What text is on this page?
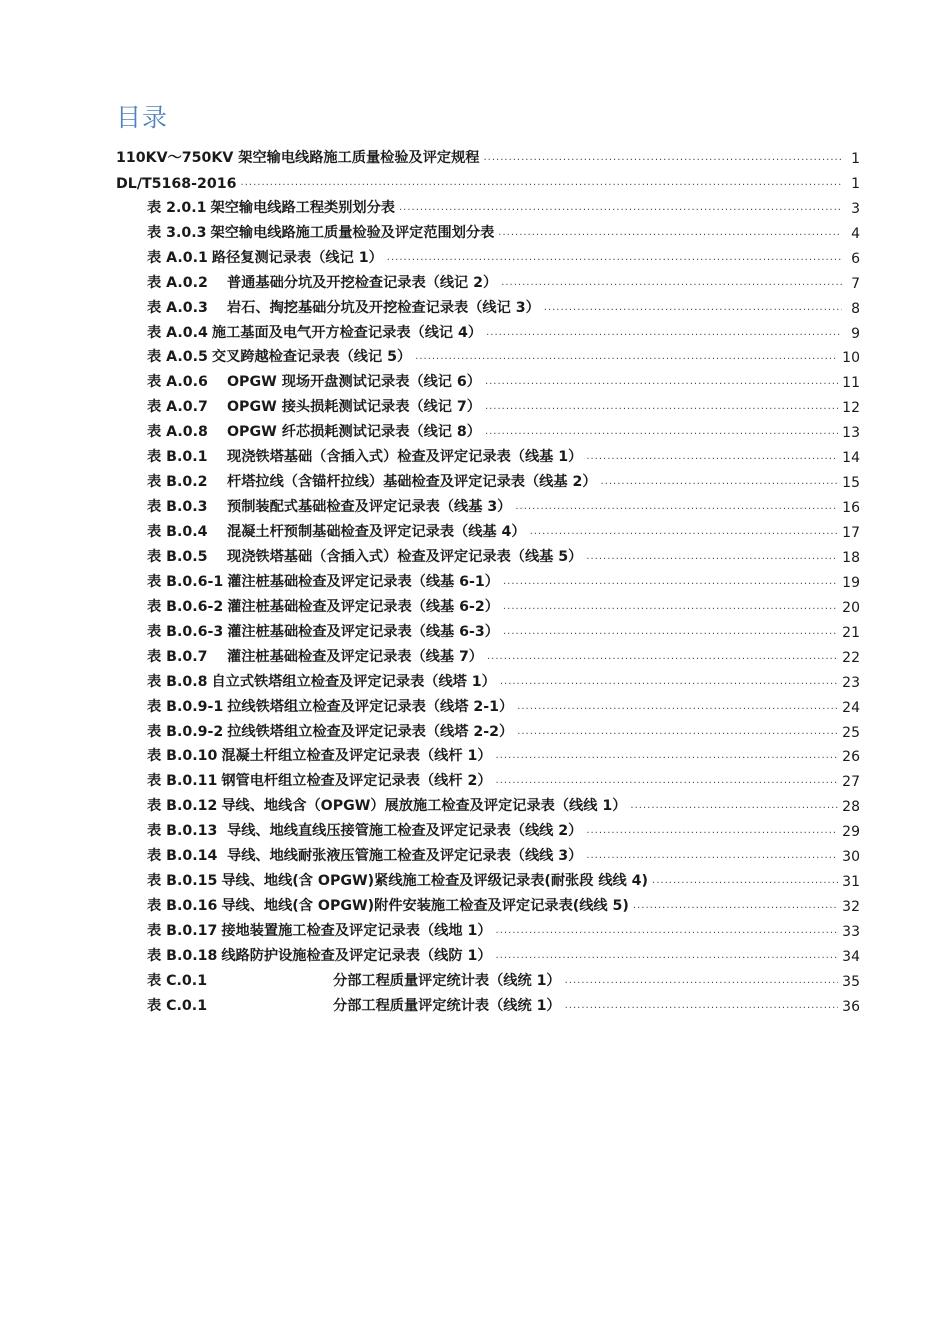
目录
110KV～750KV 架空输电线路施工质量检验及评定规程 .....	1
DL/T5168-2016 .....	1
表 2.0.1 架空输电线路工程类别划分表 .....	3
表 3.0.3 架空输电线路施工质量检验及评定范围划分表 .....	4
表 A.0.1 路径复测记录表（线记 1） .....	6
表 A.0.2 普通基础分坑及开挖检查记录表（线记 2） .....	7
表 A.0.3 岩石、掏挖基础分坑及开挖检查记录表（线记 3） .....	8
表 A.0.4 施工基面及电气开方检查记录表（线记 4） .....	9
表 A.0.5 交叉跨越检查记录表（线记 5） .....	10
表 A.0.6 OPGW 现场开盘测试记录表（线记 6） .....	11
表 A.0.7 OPGW 接头损耗测试记录表（线记 7） .....	12
表 A.0.8 OPGW 纤芯损耗测试记录表（线记 8） .....	13
表 B.0.1 现浇铁塔基础（含插入式）检查及评定记录表（线基 1） .....	14
表 B.0.2 杆塔拉线（含锚杆拉线）基础检查及评定记录表（线基 2） .....	15
表 B.0.3 预制装配式基础检查及评定记录表（线基 3） .....	16
表 B.0.4 混凝土杆预制基础检查及评定记录表（线基 4） .....	17
表 B.0.5 现浇铁塔基础（含插入式）检查及评定记录表（线基 5） .....	18
表 B.0.6-1 灌注桩基础检查及评定记录表（线基 6-1） .....	19
表 B.0.6-2 灌注桩基础检查及评定记录表（线基 6-2） .....	20
表 B.0.6-3 灌注桩基础检查及评定记录表（线基 6-3） .....	21
表 B.0.7 灌注桩基础检查及评定记录表（线基 7） .....	22
表 B.0.8 自立式铁塔组立检查及评定记录表（线塔 1） .....	23
表 B.0.9-1 拉线铁塔组立检查及评定记录表（线塔 2-1） .....	24
表 B.0.9-2 拉线铁塔组立检查及评定记录表（线塔 2-2） .....	25
表 B.0.10 混凝土杆组立检查及评定记录表（线杆 1） .....	26
表 B.0.11 钢管电杆组立检查及评定记录表（线杆 2） .....	27
表 B.0.12 导线、地线含（OPGW）展放施工检查及评定记录表（线线 1） .....	28
表 B.0.13 导线、地线直线压接管施工检查及评定记录表（线线 2） .....	29
表 B.0.14 导线、地线耐张液压管施工检查及评定记录表（线线 3） .....	30
表 B.0.15 导线、地线(含 OPGW)紧线施工检查及评级记录表(耐张段 线线 4) .....	31
表 B.0.16 导线、地线(含 OPGW)附件安装施工检查及评定记录表(线线 5) .....	32
表 B.0.17 接地装置施工检查及评定记录表（线地 1） .....	33
表 B.0.18 线路防护设施检查及评定记录表（线防 1） .....	34
表 C.0.1	分部工程质量评定统计表（线统 1） .....	35
表 C.0.1	分部工程质量评定统计表（线统 1） .....	36
